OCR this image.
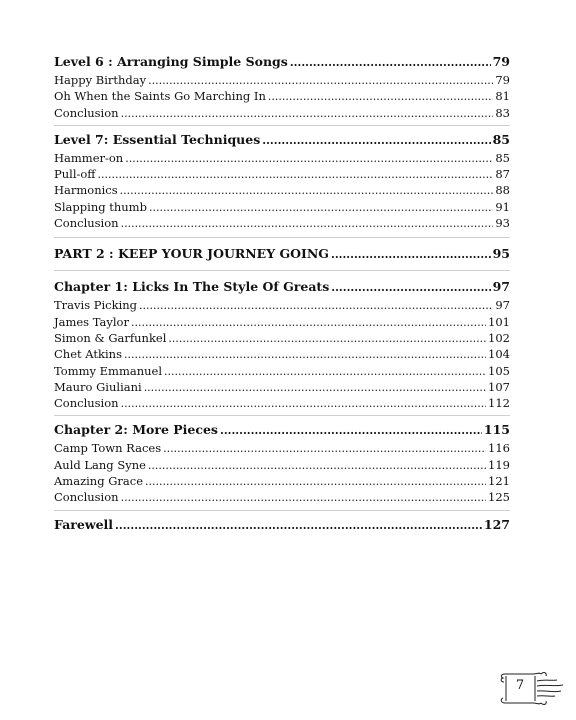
Level 6 : Arranging Simple Songs .....	79
Happy Birthday .....	79
Oh When the Saints Go Marching In .....	81
Conclusion .....	83
Level 7: Essential Techniques .....	85
Hammer-on .....	85
Pull-off .....	87
Harmonics .....	88
Slapping thumb .....	91
Conclusion .....	93
PART 2 : KEEP YOUR JOURNEY GOING .....	95
Chapter 1: Licks In The Style Of Greats .....	97
Travis Picking .....	97
James Taylor .....	101
Simon & Garfunkel .....	102
Chet Atkins .....	104
Tommy Emmanuel .....	105
Mauro Giuliani .....	107
Conclusion .....	112
Chapter 2: More Pieces .....	115
Camp Town Races .....	116
Auld Lang Syne .....	119
Amazing Grace .....	121
Conclusion .....	125
Farewell .....	127
7
